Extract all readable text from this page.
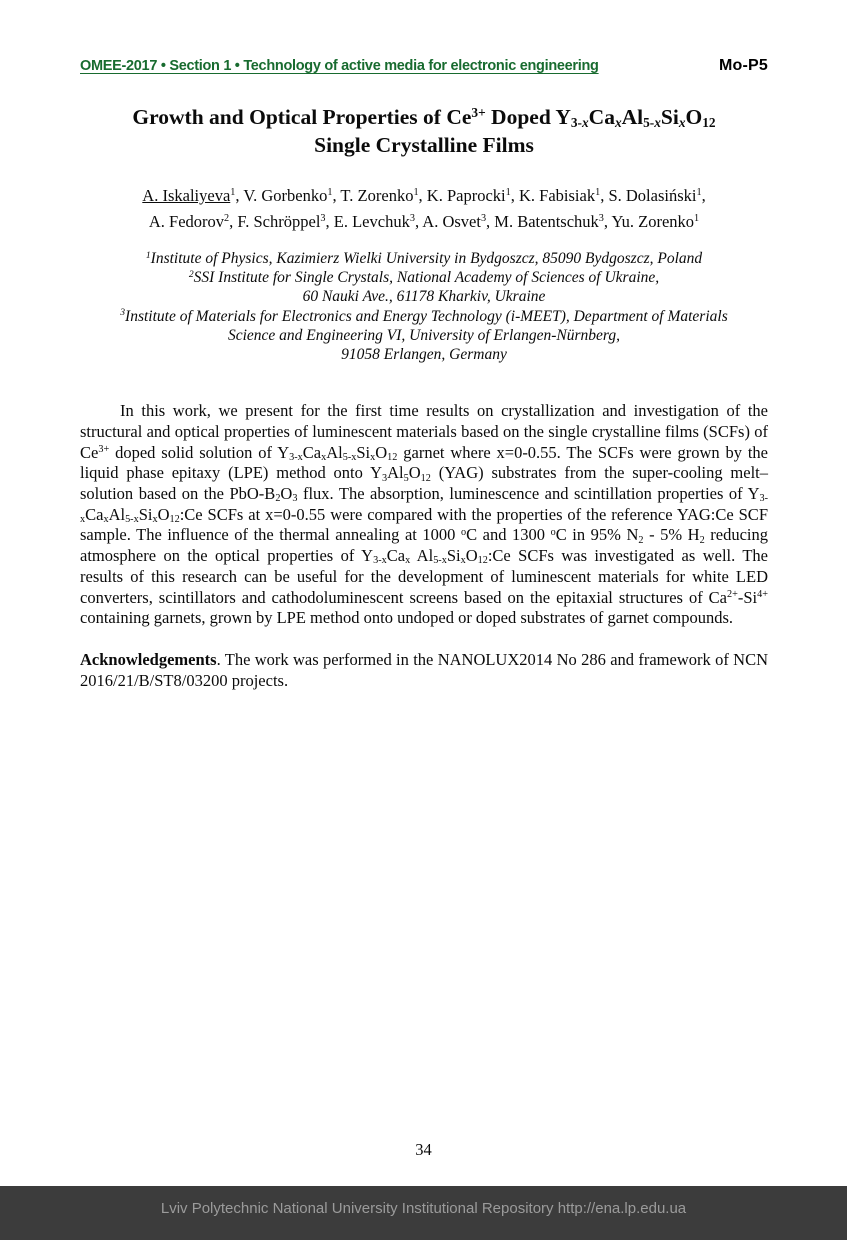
OMEE-2017 • Section 1 • Technology of active media for electronic engineering	Mo-P5
Growth and Optical Properties of $Ce^{3+}$ Doped $Y_{3-x}Ca_xAl_{5-x}Si_xO_{12}$
Single Crystalline Films
A. Iskaliyeva$^1$, V. Gorbenko$^1$, T. Zorenko$^1$, K. Paprocki$^1$, K. Fabisiak$^1$, S. Dolasiński$^1$,
A. Fedorov$^2$, F. Schröppel$^3$, E. Levchuk$^3$, A. Osvet$^3$, M. Batentschuk$^3$, Yu. Zorenko$^1$
$^1$Institute of Physics, Kazimierz Wielki University in Bydgoszcz, 85090 Bydgoszcz, Poland
$^2$SSI Institute for Single Crystals, National Academy of Sciences of Ukraine,
60 Nauki Ave., 61178 Kharkiv, Ukraine
$^3$Institute of Materials for Electronics and Energy Technology (i-MEET), Department of Materials
Science and Engineering VI, University of Erlangen-Nürnberg,
91058 Erlangen, Germany

In this work, we present for the first time results on crystallization and investigation of the structural and optical properties of luminescent materials based on the single crystalline films (SCFs) of $Ce^{3+}$ doped solid solution of $Y_{3-x}Ca_xAl_{5-x}Si_xO_{12}$ garnet where x=0-0.55. The SCFs were grown by the liquid phase epitaxy (LPE) method onto $Y_3Al_5O_{12}$ (YAG) substrates from the super-cooling melt–solution based on the PbO-$B_2O_3$ flux. The absorption, luminescence and scintillation properties of $Y_{3-x}Ca_xAl_{5-x}Si_xO_{12}:Ce$ SCFs at x=0-0.55 were compared with the properties of the reference YAG:Ce SCF sample. The influence of the thermal annealing at 1000 $^o$C and 1300 $^o$C in 95% $N_2 - 5\%$ $H_2$ reducing atmosphere on the optical properties of $Y_{3-x}Ca_x$ $Al_{5-x}Si_xO_{12}:Ce$ SCFs was investigated as well. The results of this research can be useful for the development of luminescent materials for white LED converters, scintillators and cathodoluminescent screens based on the epitaxial structures of $Ca^{2+}-Si^{4+}$ containing garnets, grown by LPE method onto undoped or doped substrates of garnet compounds.

Acknowledgements. The work was performed in the NANOLUX2014 No 286 and framework of NCN 2016/21/B/ST8/03200 projects.

34
Lviv Polytechnic National University Institutional Repository http://ena.lp.edu.ua
